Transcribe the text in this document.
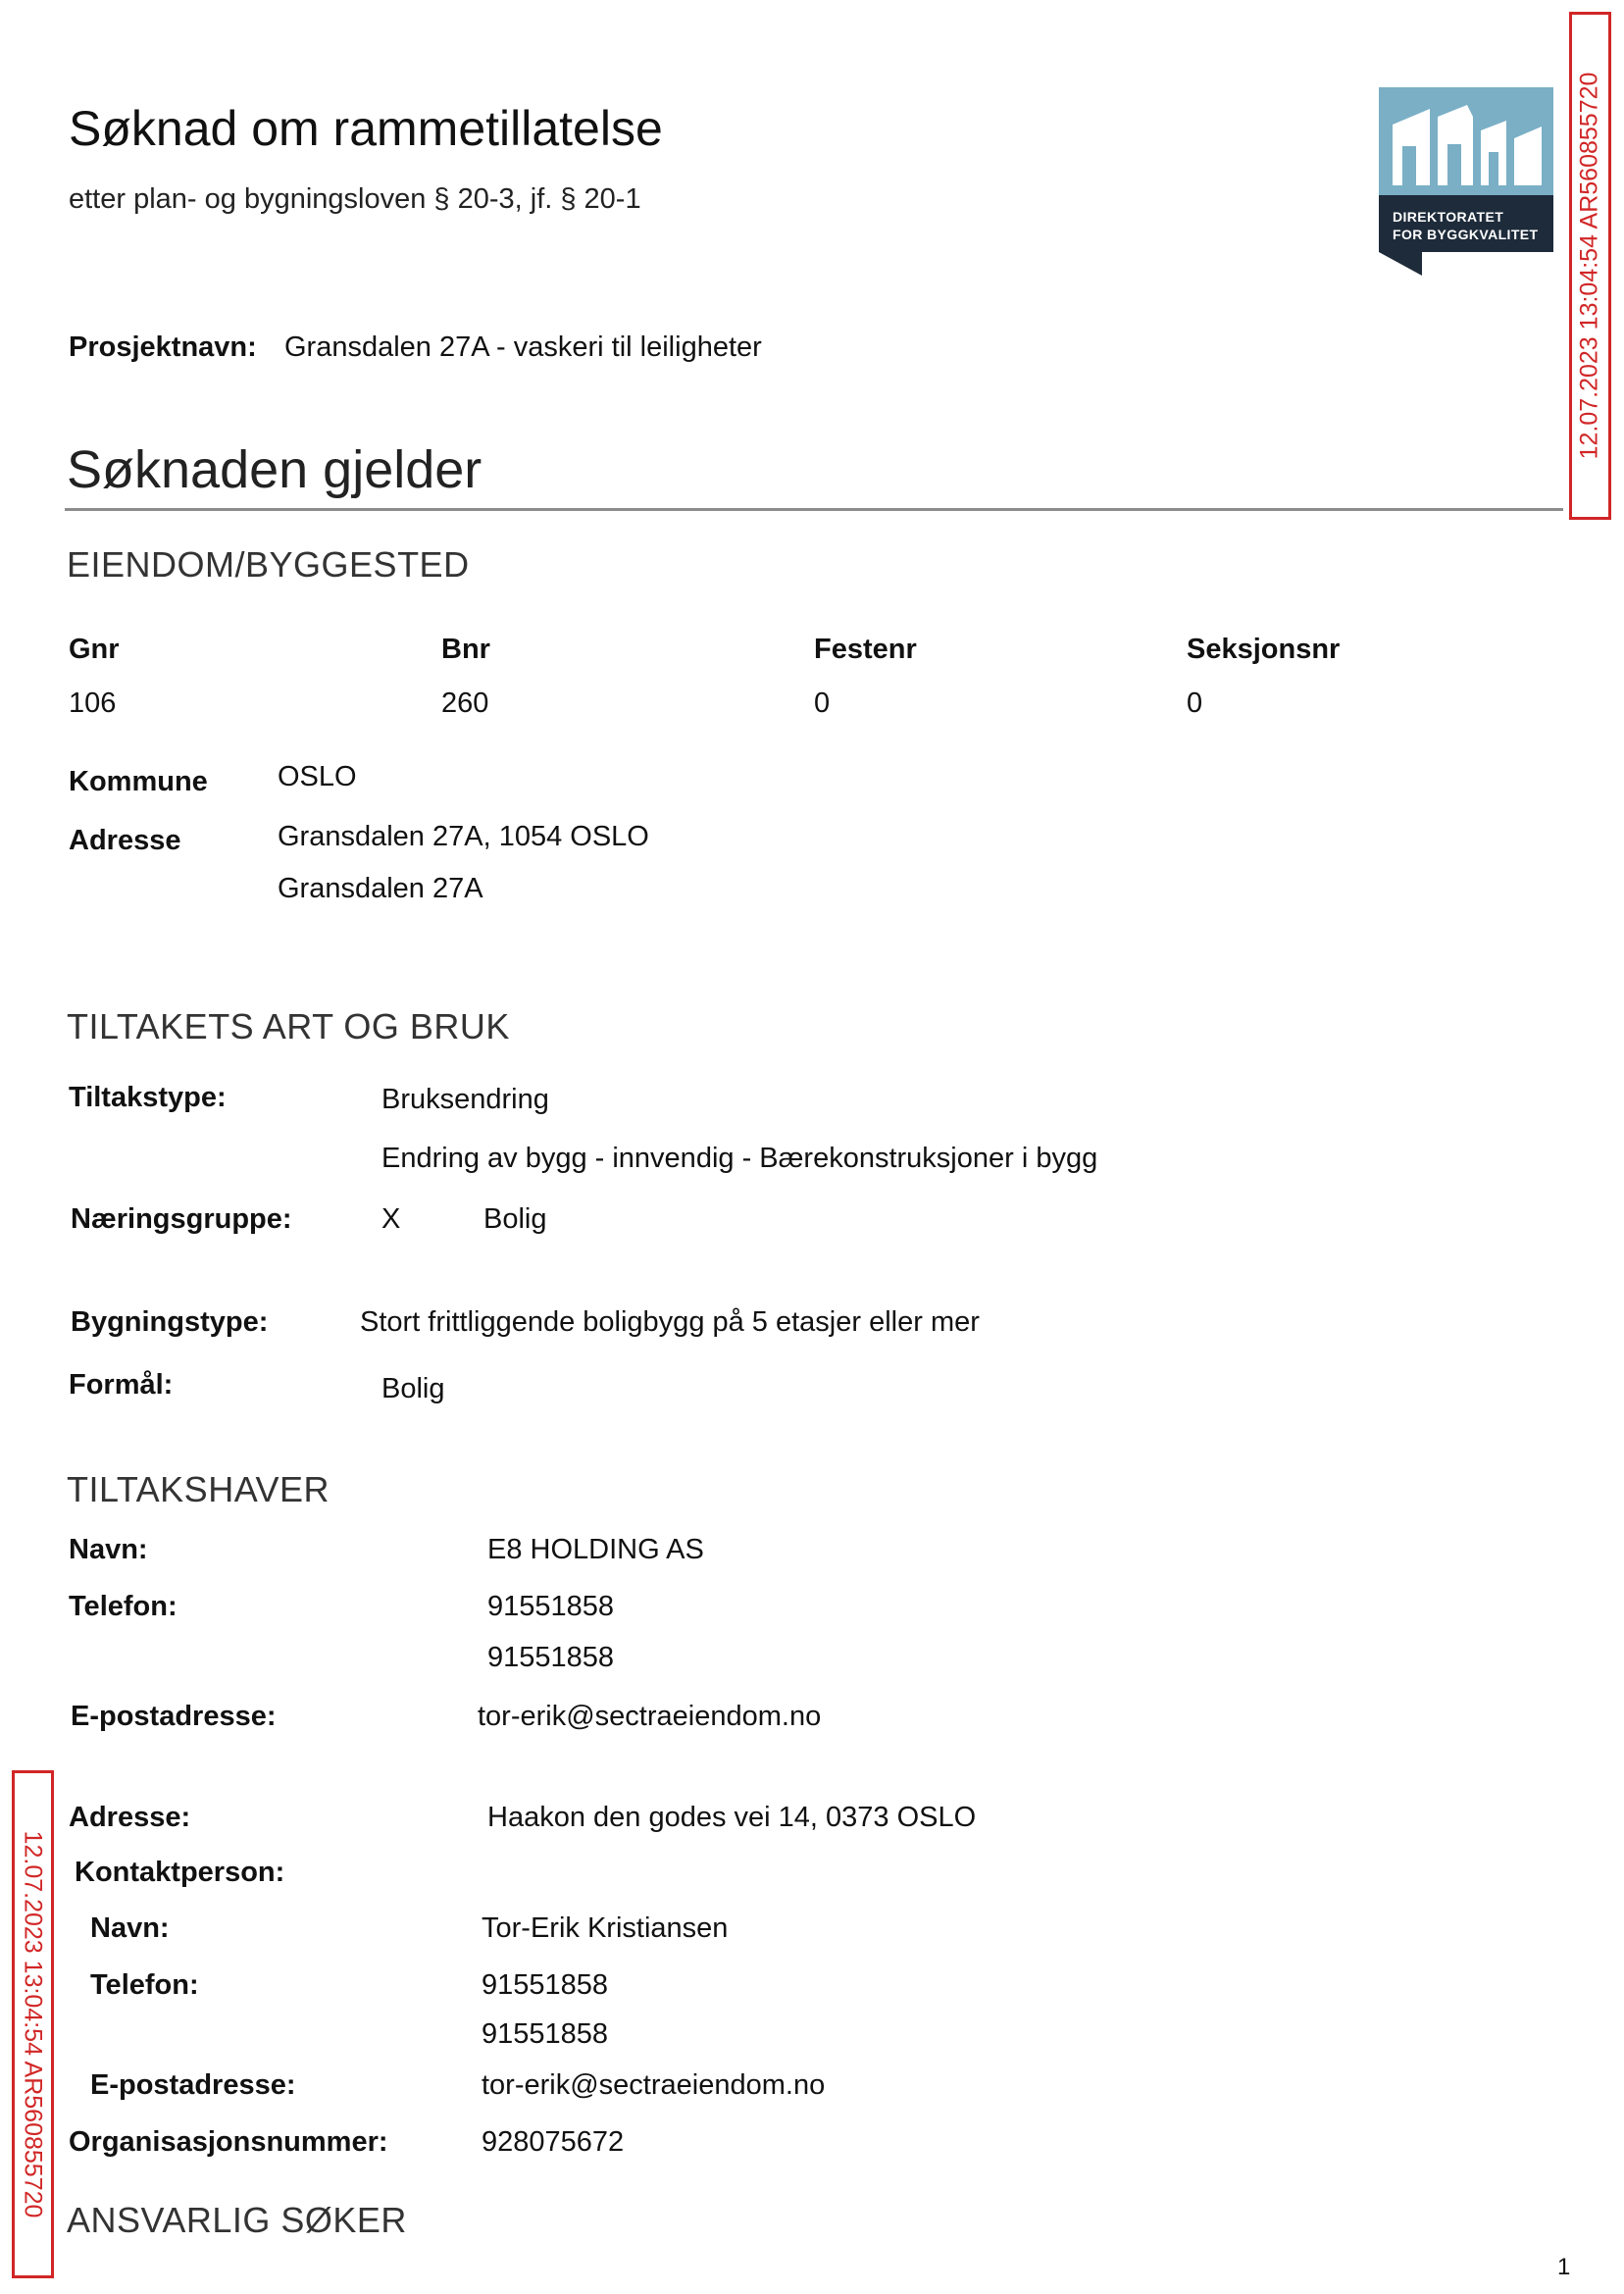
Søknad om rammetillatelse
etter plan- og bygningsloven § 20-3, jf. § 20-1
DIREKTORATET
FOR BYGGKVALITET
Prosjektnavn: Gransdalen 27A - vaskeri til leiligheter
Søknaden gjelder
EIENDOM/BYGGESTED
Gnr	Bnr	Festenr	Seksjonsnr
106	260	0	0
Kommune OSLO
Adresse	Gransdalen 27A, 1054 OSLO
Gransdalen 27A
TILTAKETS ART OG BRUK
Tiltakstype:	Bruksendring
Endring av bygg - innvendig - Bærekonstruksjoner i bygg
Næringsgruppe:	X	Bolig
Bygningstype:	Stort frittliggende boligbygg på 5 etasjer eller mer
Formål:	Bolig
TILTAKSHAVER
Navn:	E8 HOLDING AS
Telefon:	91551858
91551858
E-postadresse:	tor-erik@sectraeiendom.no
Adresse:	Haakon den godes vei 14, 0373 OSLO
Kontaktperson:
Navn:	Tor-Erik Kristiansen
Telefon:	91551858
91551858
E-postadresse:	tor-erik@sectraeiendom.no
Organisasjonsnummer:	928075672
ANSVARLIG SØKER
1
12.07.2023 13:04:54 AR560855720
12.07.2023 13:04:54 AR560855720
